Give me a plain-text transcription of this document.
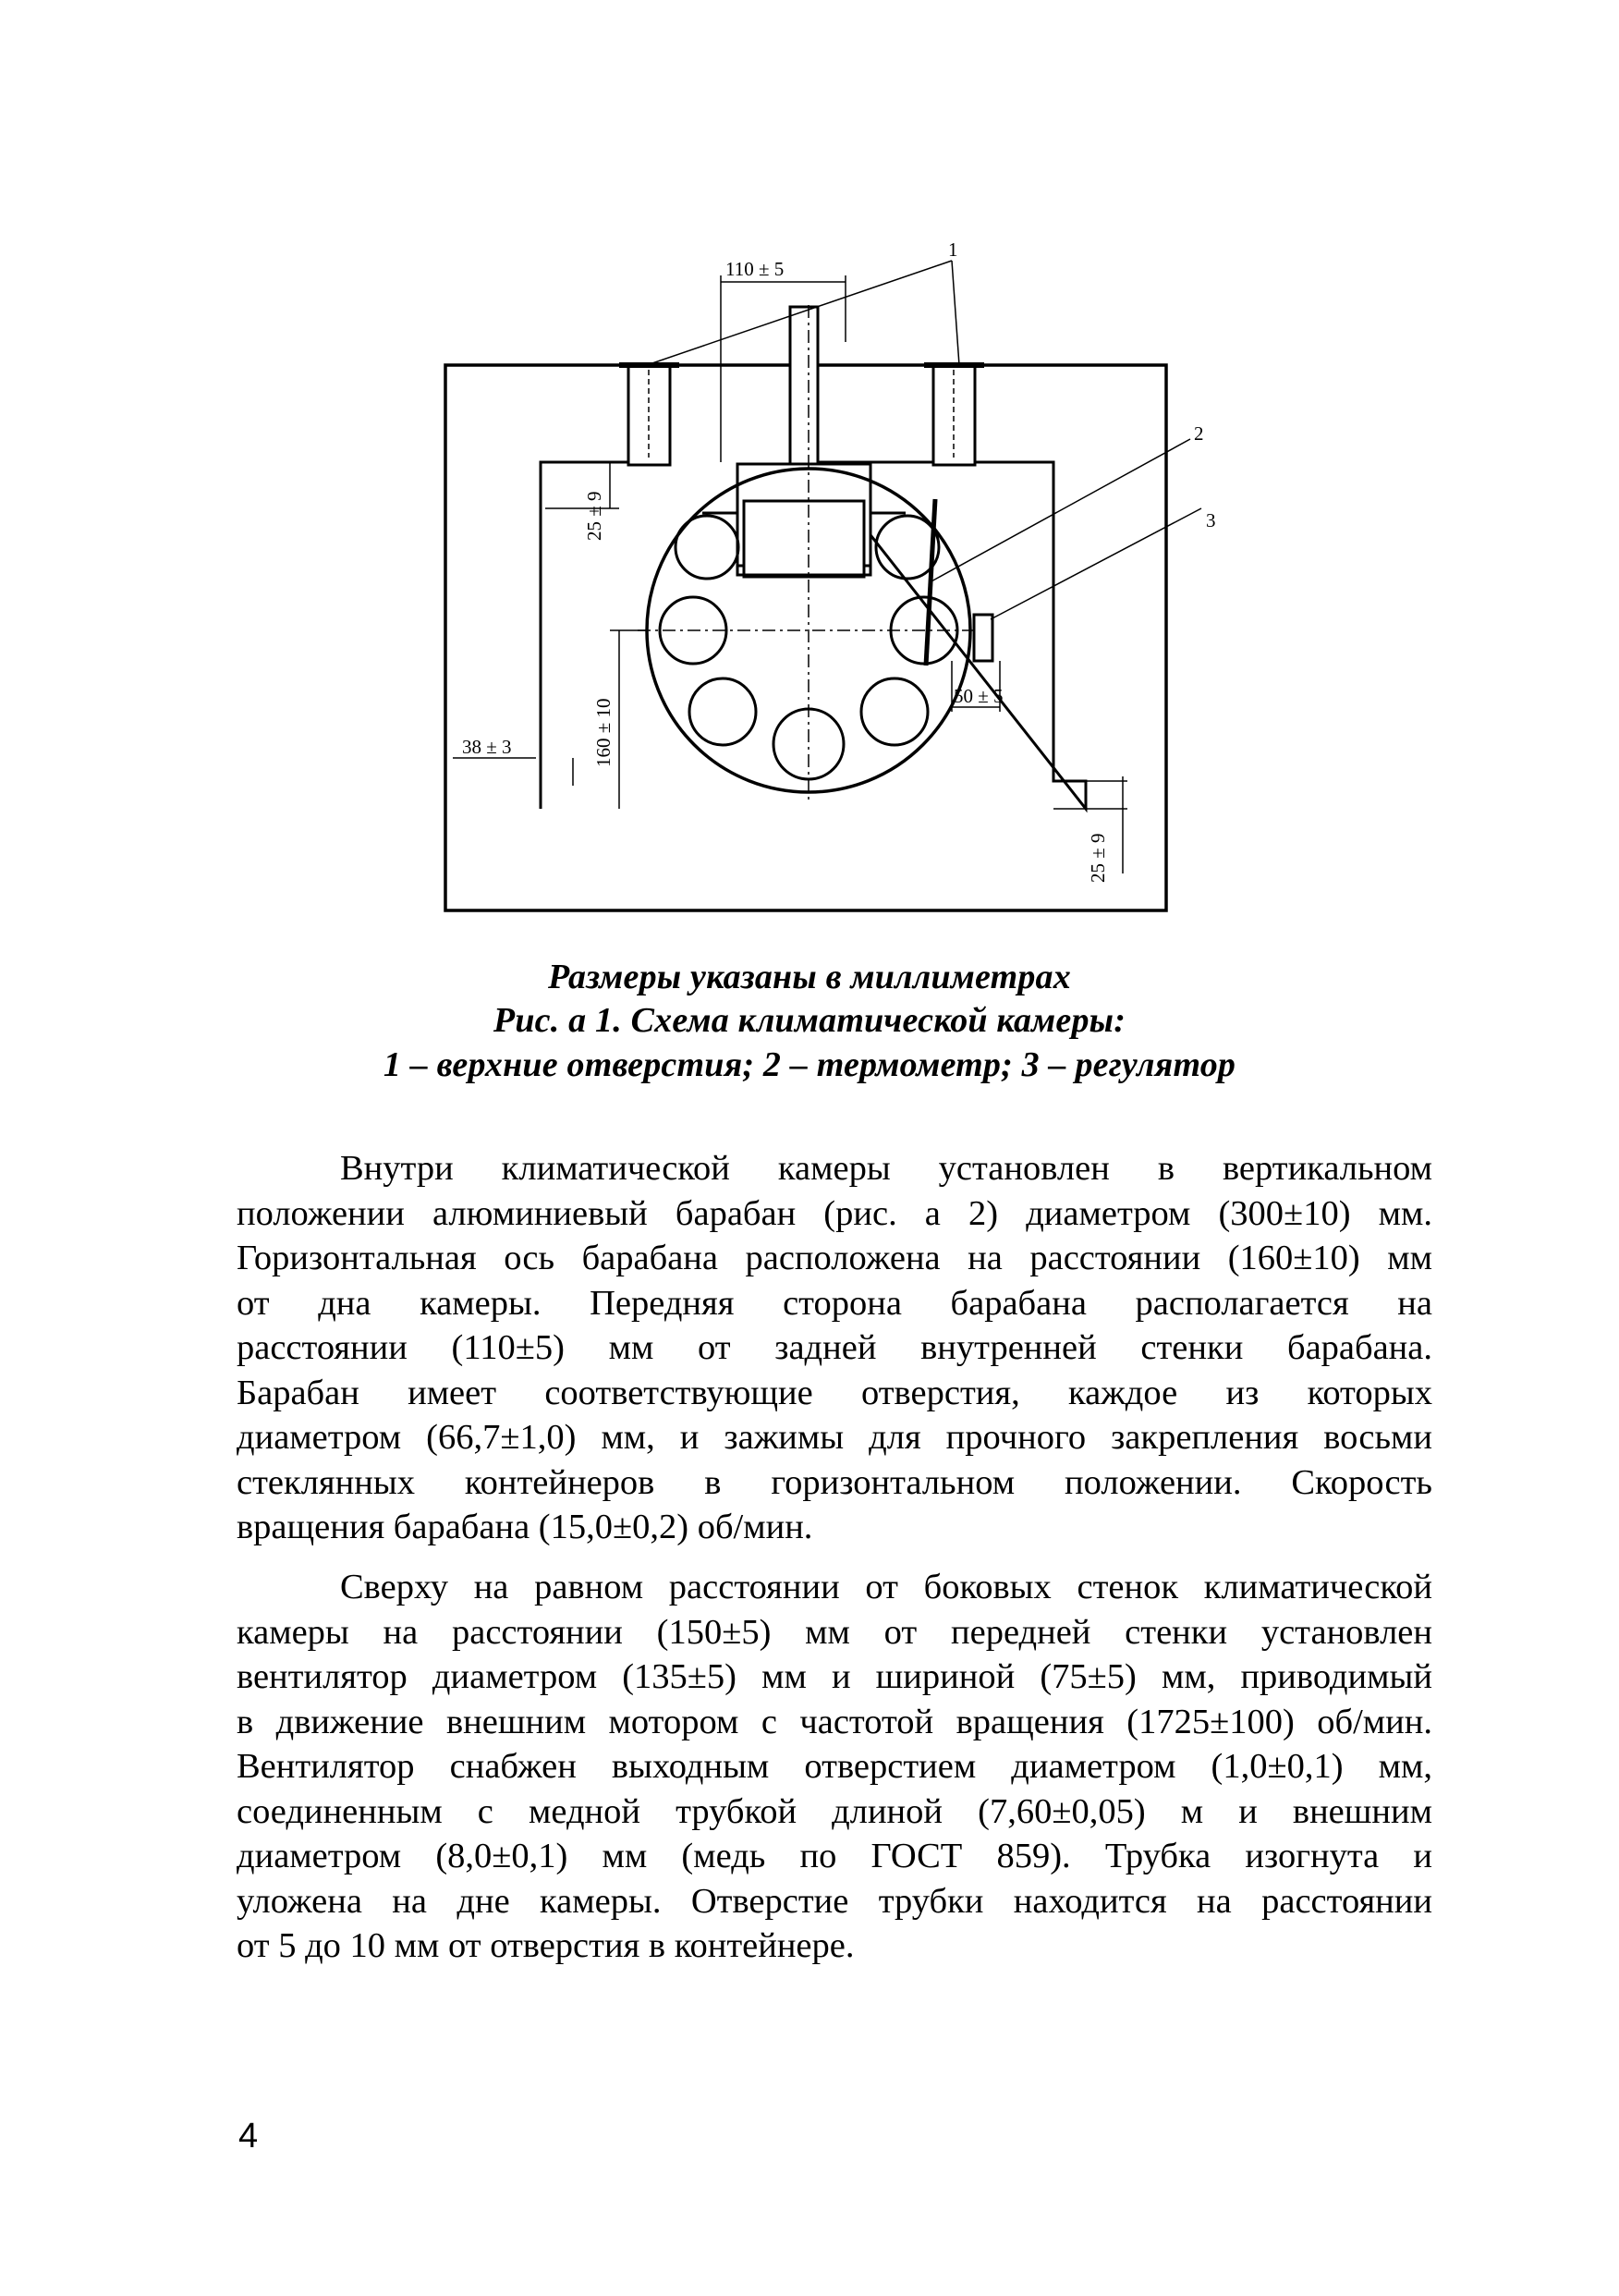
110 ± 5
1
2
3
25 ± 9
160 ± 10
38 ± 3
50 ± 5
25 ± 9
Размеры указаны в миллиметрах
Рис. а 1. Схема климатической камеры:
1 – верхние отверстия; 2 – термометр; 3 – регулятор
Внутри климатической камеры установлен в вертикальном
положении алюминиевый барабан (рис. а 2) диаметром (300±10) мм.
Горизонтальная ось барабана расположена на расстоянии (160±10) мм
от дна камеры. Передняя сторона барабана располагается на
расстоянии (110±5) мм от задней внутренней стенки барабана.
Барабан имеет соответствующие отверстия, каждое из которых
диаметром (66,7±1,0) мм, и зажимы для прочного закрепления восьми
стеклянных контейнеров в горизонтальном положении. Скорость
вращения барабана (15,0±0,2) об/мин.
Сверху на равном расстоянии от боковых стенок климатической
камеры на расстоянии (150±5) мм от передней стенки установлен
вентилятор диаметром (135±5) мм и шириной (75±5) мм, приводимый
в движение внешним мотором с частотой вращения (1725±100) об/мин.
Вентилятор снабжен выходным отверстием диаметром (1,0±0,1) мм,
соединенным с медной трубкой длиной (7,60±0,05) м и внешним
диаметром (8,0±0,1) мм (медь по ГОСТ 859). Трубка изогнута и
уложена на дне камеры. Отверстие трубки находится на расстоянии
от 5 до 10 мм от отверстия в контейнере.
4
